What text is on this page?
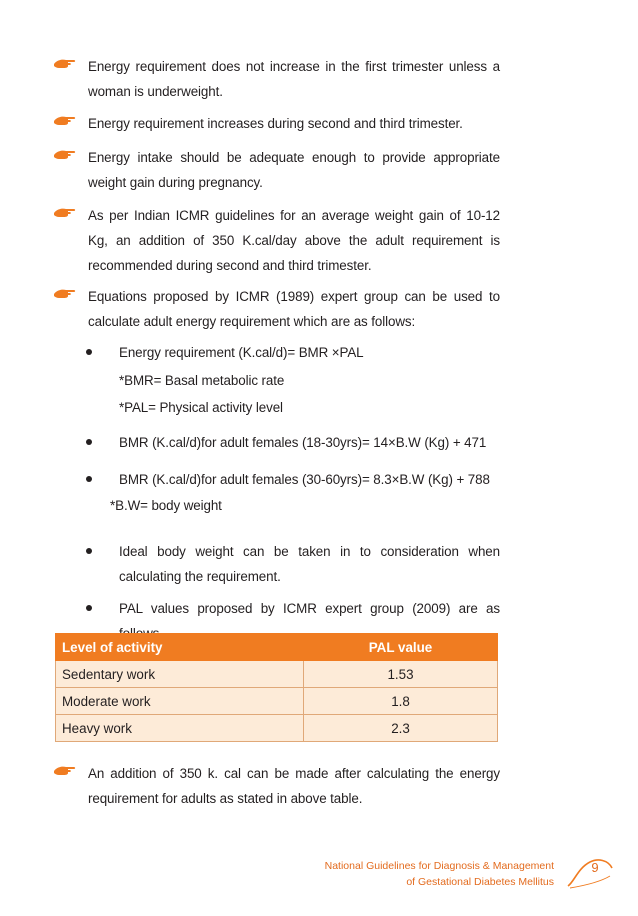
Energy requirement does not increase in the first trimester unless a woman is underweight.
Energy requirement increases during second and third trimester.
Energy intake should be adequate enough to provide appropriate weight gain during pregnancy.
As per Indian ICMR guidelines for an average weight gain of 10-12 Kg, an addition of 350 K.cal/day above the adult requirement is recommended during second and third trimester.
Equations proposed by ICMR (1989) expert group can be used to calculate adult energy requirement which are as follows:
Energy requirement (K.cal/d)= BMR ×PAL
*BMR= Basal metabolic rate
*PAL= Physical activity level
BMR (K.cal/d)for adult females (18-30yrs)= 14×B.W (Kg) + 471
BMR (K.cal/d)for adult females (30-60yrs)= 8.3×B.W (Kg) + 788
*B.W= body weight
Ideal body weight can be taken in to consideration when calculating the requirement.
PAL values proposed by ICMR expert group (2009) are as
Level of activity	PAL value
Sedentary work	1.53
Moderate work	1.8
Heavy work	2.3
An addition of 350 k. cal can be made after calculating the energy requirement for adults as stated in above table.
National Guidelines for Diagnosis & Management
of Gestational Diabetes Mellitus
9
